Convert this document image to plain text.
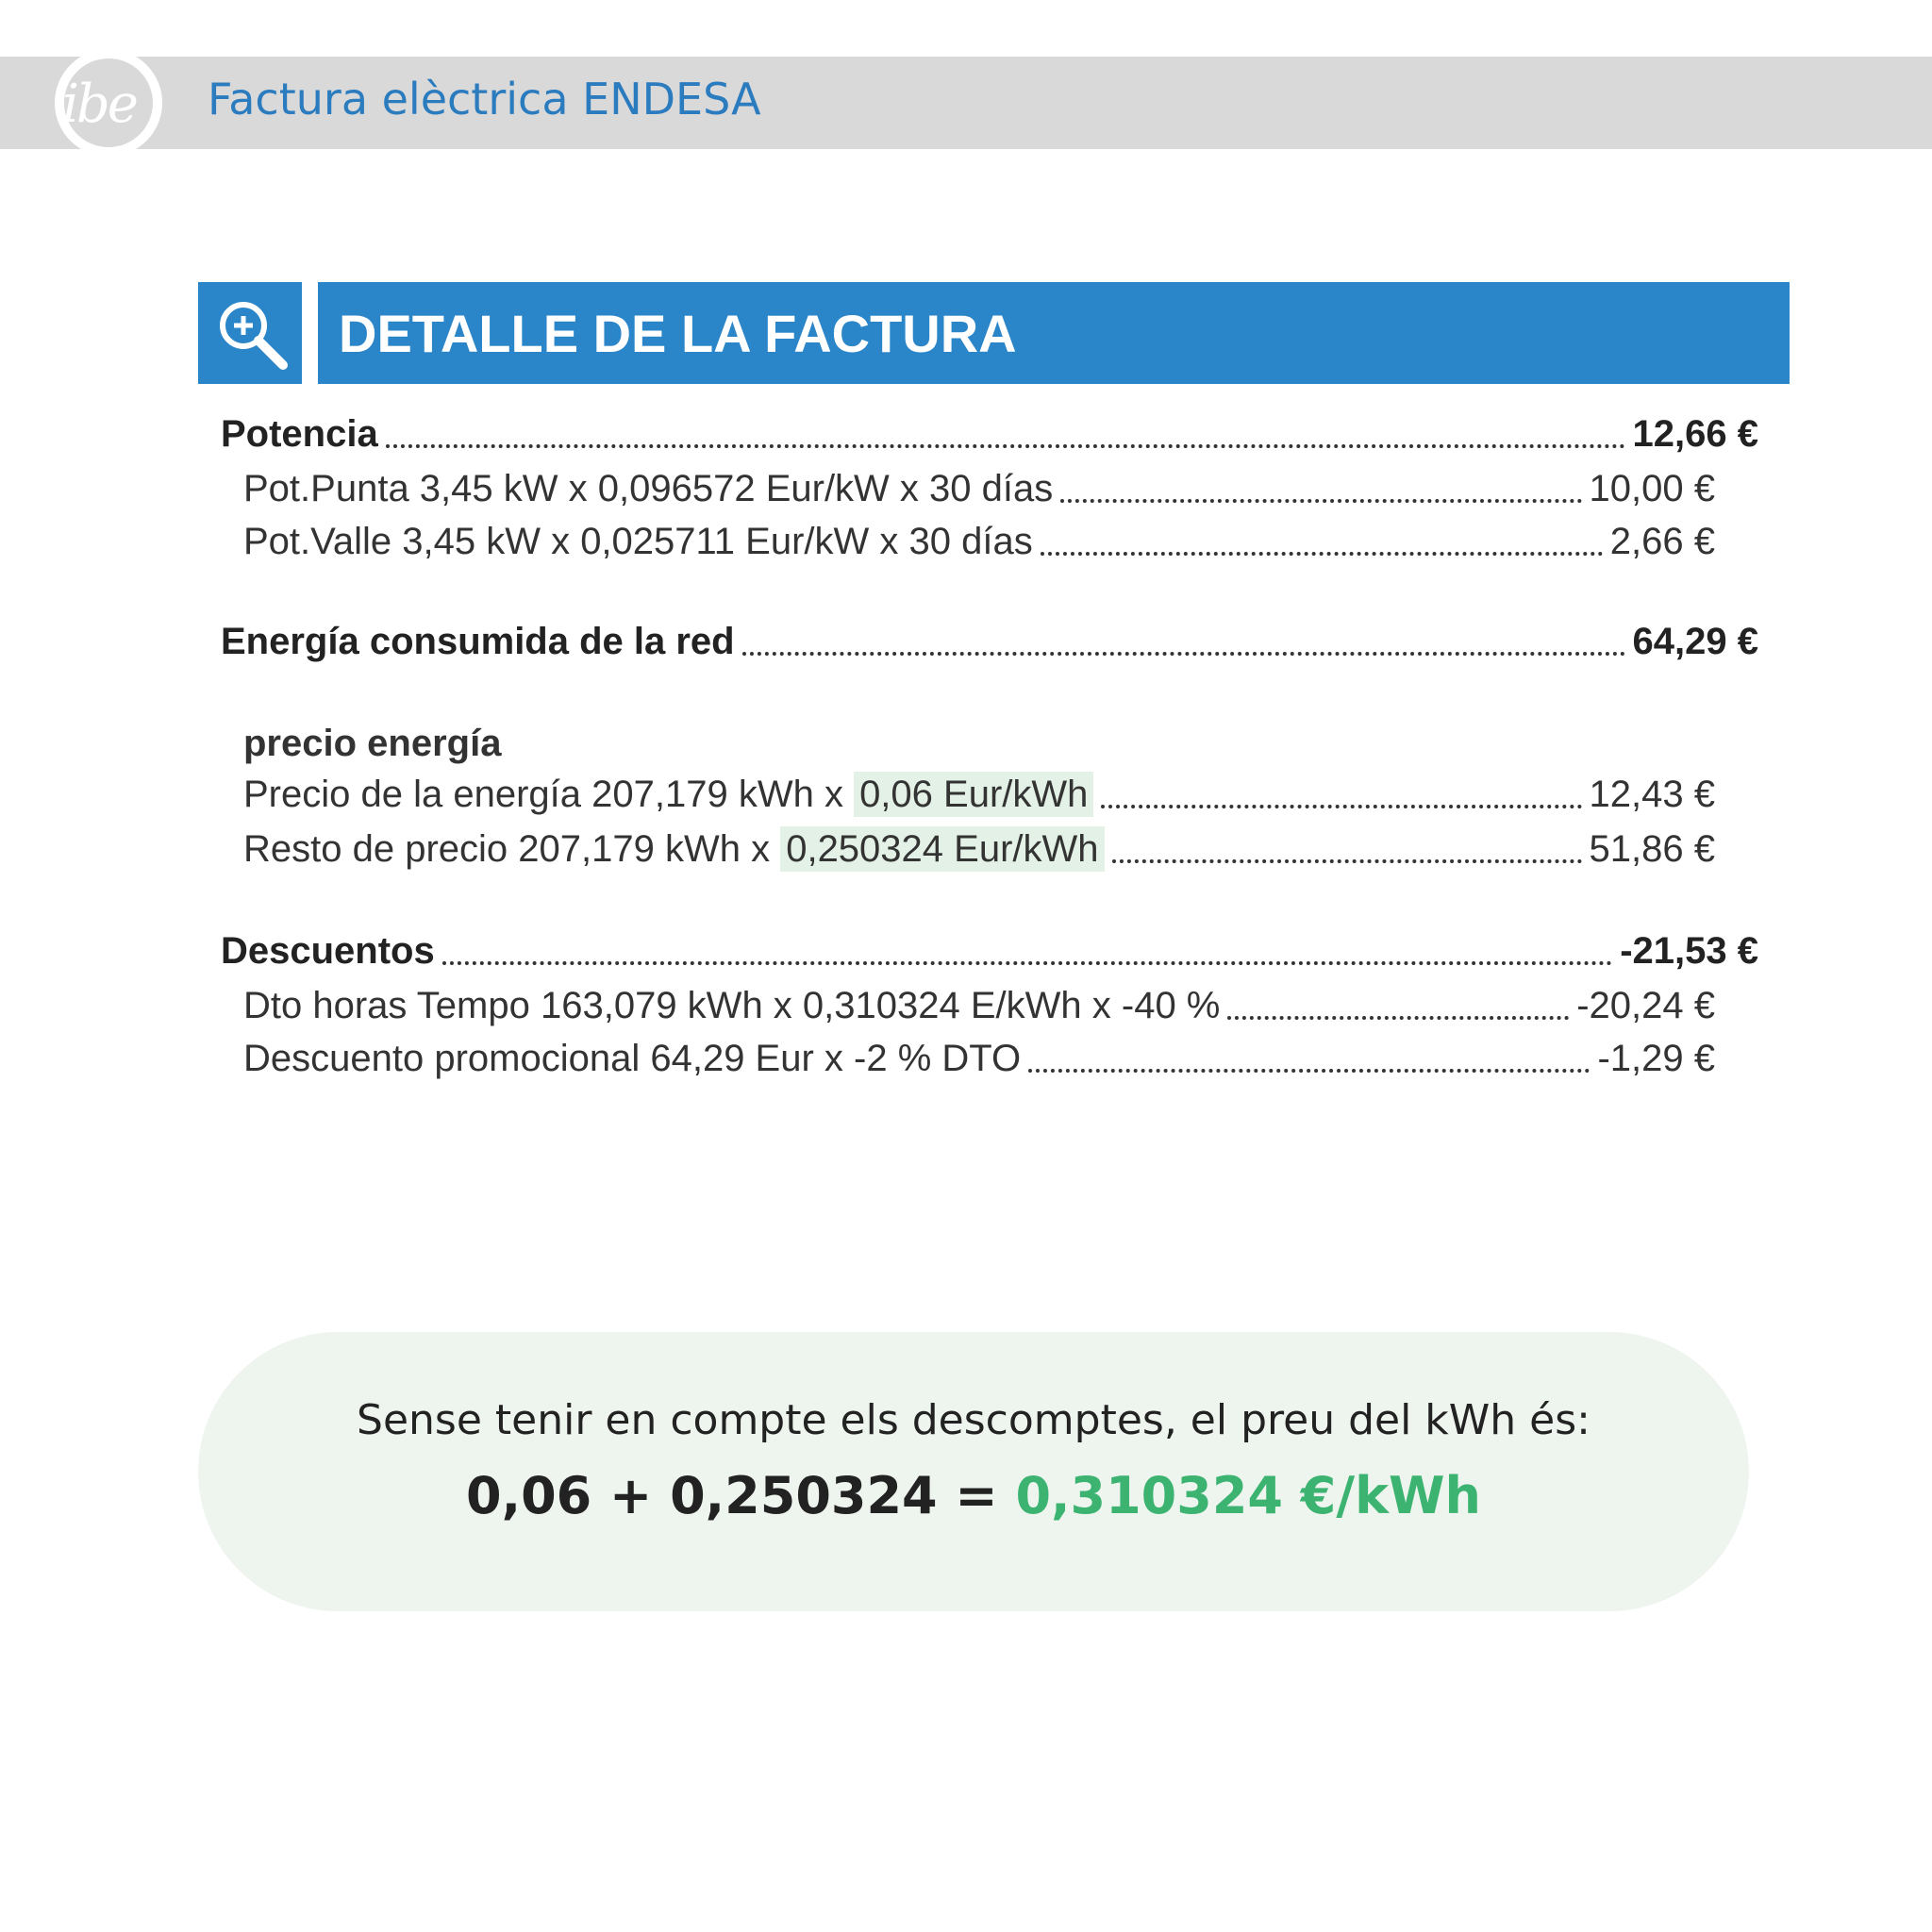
ibe	Factura elèctrica ENDESA
DETALLE DE LA FACTURA
Potencia	12,66 €
Pot.Punta 3,45 kW x 0,096572 Eur/kW x 30 días	10,00 €
Pot.Valle 3,45 kW x 0,025711 Eur/kW x 30 días	2,66 €
Energía consumida de la red	64,29 €
precio energía
Precio de la energía 207,179 kWh x 0,06 Eur/kWh	12,43 €
Resto de precio 207,179 kWh x 0,250324 Eur/kWh	51,86 €
Descuentos	-21,53 €
Dto horas Tempo 163,079 kWh x 0,310324 E/kWh x -40 %	-20,24 €
Descuento promocional 64,29 Eur x -2 % DTO	-1,29 €
Sense tenir en compte els descomptes, el preu del kWh és:
0,06 + 0,250324 = 0,310324 €/kWh
